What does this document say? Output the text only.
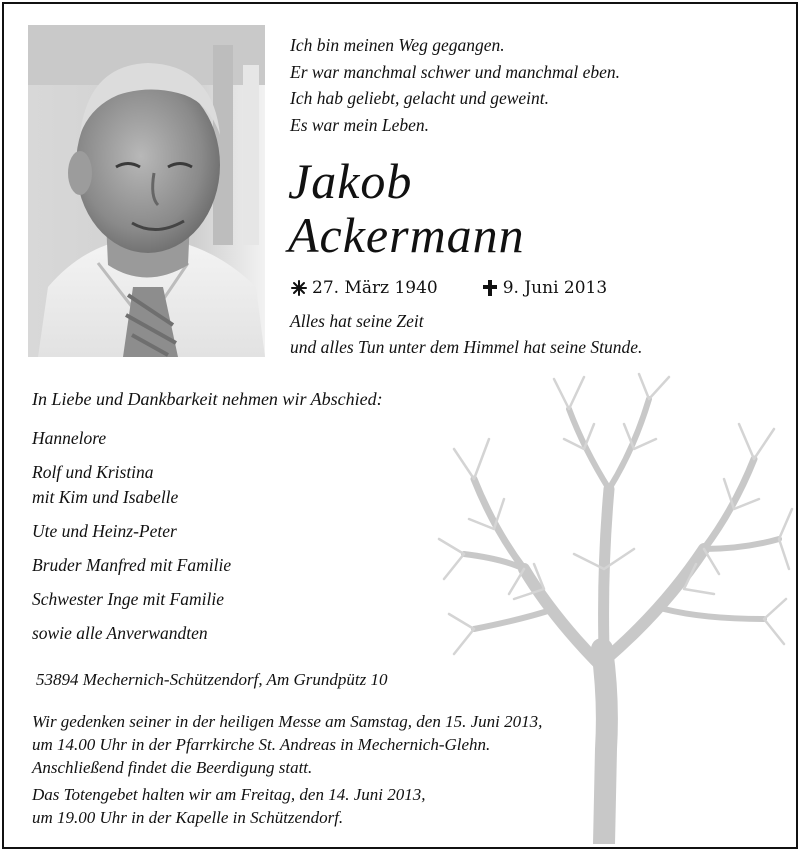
Ich bin meinen Weg gegangen.
Er war manchmal schwer und manchmal eben.
Ich hab geliebt, gelacht und geweint.
Es war mein Leben.
Jakob
Ackermann
27. März 1940	9. Juni 2013
Alles hat seine Zeit
und alles Tun unter dem Himmel hat seine Stunde.
In Liebe und Dankbarkeit nehmen wir Abschied:
Hannelore
Rolf und Kristina
mit Kim und Isabelle
Ute und Heinz-Peter
Bruder Manfred mit Familie
Schwester Inge mit Familie
sowie alle Anverwandten
53894 Mechernich-Schützendorf, Am Grundpütz 10
Wir gedenken seiner in der heiligen Messe am Samstag, den 15. Juni 2013,
um 14.00 Uhr in der Pfarrkirche St. Andreas in Mechernich-Glehn.
Anschließend findet die Beerdigung statt.
Das Totengebet halten wir am Freitag, den 14. Juni 2013,
um 19.00 Uhr in der Kapelle in Schützendorf.
